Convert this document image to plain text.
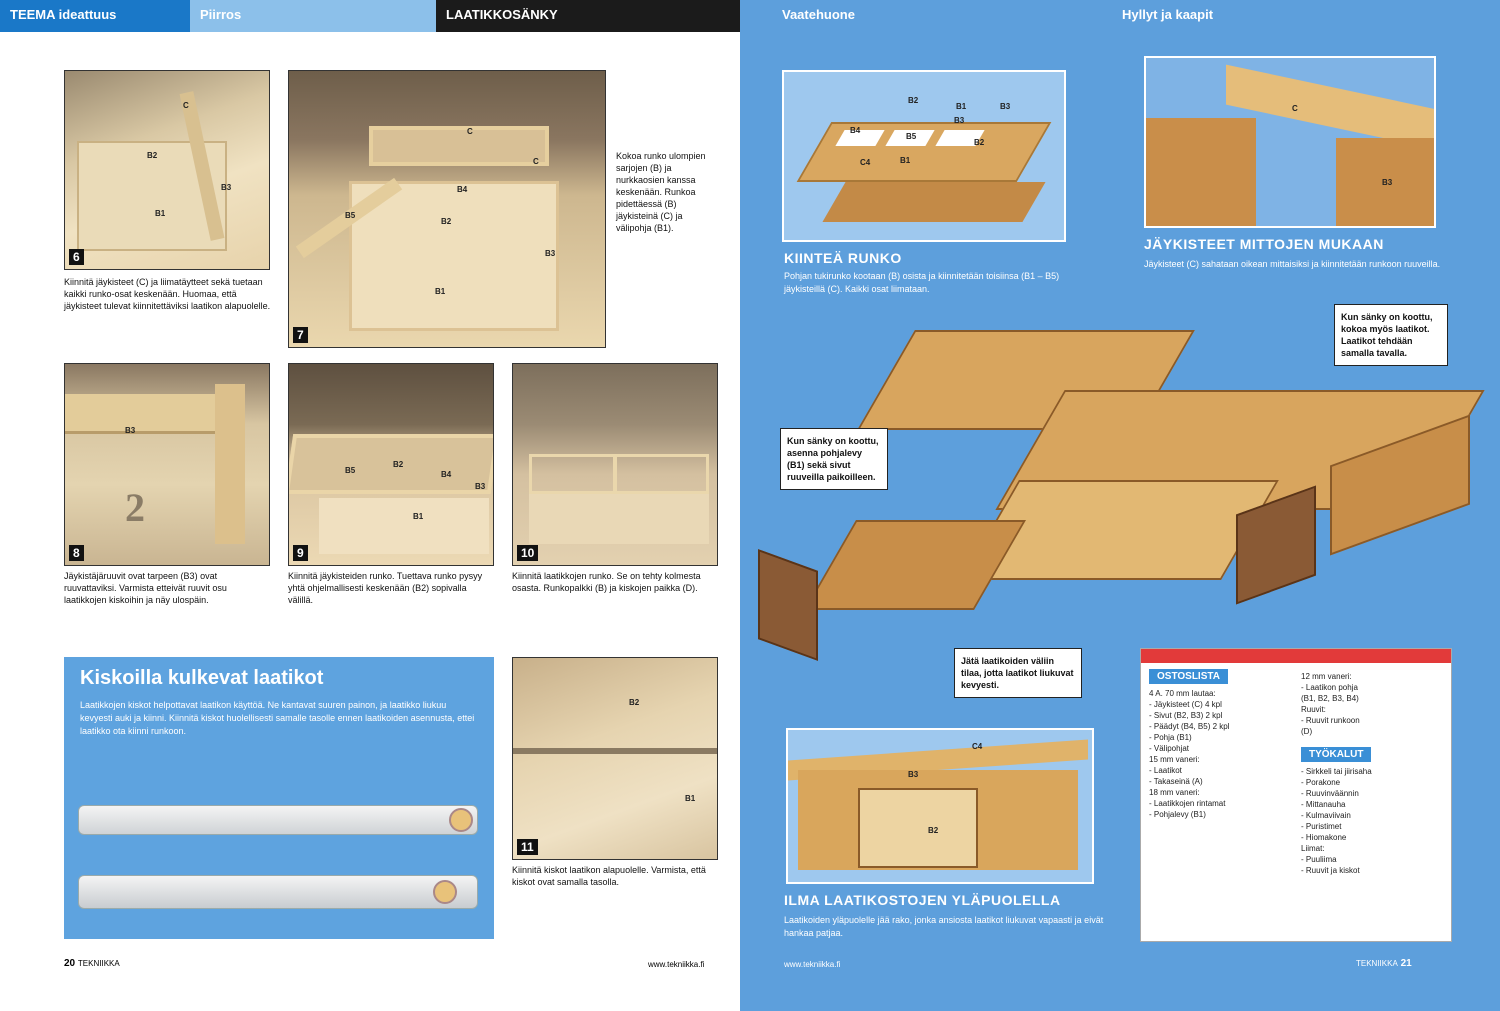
TEEMA ideattuus	Piirros	LAATIKKOSÄNKY
C
B2
B3
B1
6
C
C
B4
B2
B5
B3
B1
7
Kokoa runko ulompien sarjojen (B) ja nurkkaosien kanssa keskenään. Runkoa pidettäessä (B) jäykisteinä (C) ja välipohja (B1).
Kiinnitä jäykisteet (C) ja liimatäytteet sekä tuetaan kaikki runko-osat keskenään. Huomaa, että jäykisteet tulevat kiinnitettäviksi laatikon alapuolelle.
2
B3
8
B5
B2
B4
B1
B3
9	10
Jäykistäjäruuvit ovat tarpeen (B3) ovat ruuvattaviksi. Varmista etteivät ruuvit osu laatikkojen kiskoihin ja näy ulospäin.
Kiinnitä jäykisteiden runko. Tuettava runko pysyy yhtä ohjelmallisesti keskenään (B2) sopivalla välillä.
Kiinnitä laatikkojen runko. Se on tehty kolmesta osasta. Runkopalkki (B) ja kiskojen paikka (D).
Kiskoilla kulkevat laatikot
Laatikkojen kiskot helpottavat laatikon käyttöä. Ne kantavat suuren painon, ja laatikko liukuu kevyesti auki ja kiinni. Kiinnitä kiskot huolellisesti samalle tasolle ennen laatikoiden asennusta, ettei laatikko ota kiinni runkoon.
B2
B1
11
Kiinnitä kiskot laatikon alapuolelle. Varmista, että kiskot ovat samalla tasolla.
20 TEKNIIKKA	www.tekniikka.fi
Vaatehuone	Hyllyt ja kaapit
B2
B1	B3
B3
B4
B5
B2
C4	B1
KIINTEÄ RUNKO
Pohjan tukirunko kootaan (B) osista ja kiinnitetään toisiinsa (B1 – B5) jäykisteillä (C). Kaikki osat liimataan.
C
B3
JÄYKISTEET MITTOJEN MUKAAN
Jäykisteet (C) sahataan oikean mittaisiksi ja kiinnitetään runkoon ruuveilla.
Kun sänky on koottu, asenna pohjalevy (B1) sekä sivut ruuveilla paikoilleen.
Kun sänky on koottu, kokoa myös laatikot. Laatikot tehdään samalla tavalla.
Jätä laatikoiden väliin tilaa, jotta laatikot liukuvat kevyesti.
C4
B3
B2
ILMA LAATIKOSTOJEN YLÄPUOLELLA
Laatikoiden yläpuolelle jää rako, jonka ansiosta laatikot liukuvat vapaasti ja eivät hankaa patjaa.
www.tekniikka.fi	TEKNIIKKA 21
OSTOSLISTA
4 A. 70 mm lautaa:
- Jäykisteet (C) 4 kpl
- Sivut (B2, B3) 2 kpl
- Päädyt (B4, B5) 2 kpl
- Pohja (B1)
- Välipohjat
15 mm vaneri:
- Laatikot
- Takaseinä (A)
18 mm vaneri:
- Laatikkojen rintamat
- Pohjalevy (B1)
12 mm vaneri:
- Laatikon pohja
(B1, B2, B3, B4)
Ruuvit:
- Ruuvit runkoon
(D)
TYÖKALUT
- Sirkkeli tai jiirisaha
- Porakone
- Ruuvinväännin
- Mittanauha
- Kulmaviivain
- Puristimet
- Hiomakone
Liimat:
- Puuliima
- Ruuvit ja kiskot
